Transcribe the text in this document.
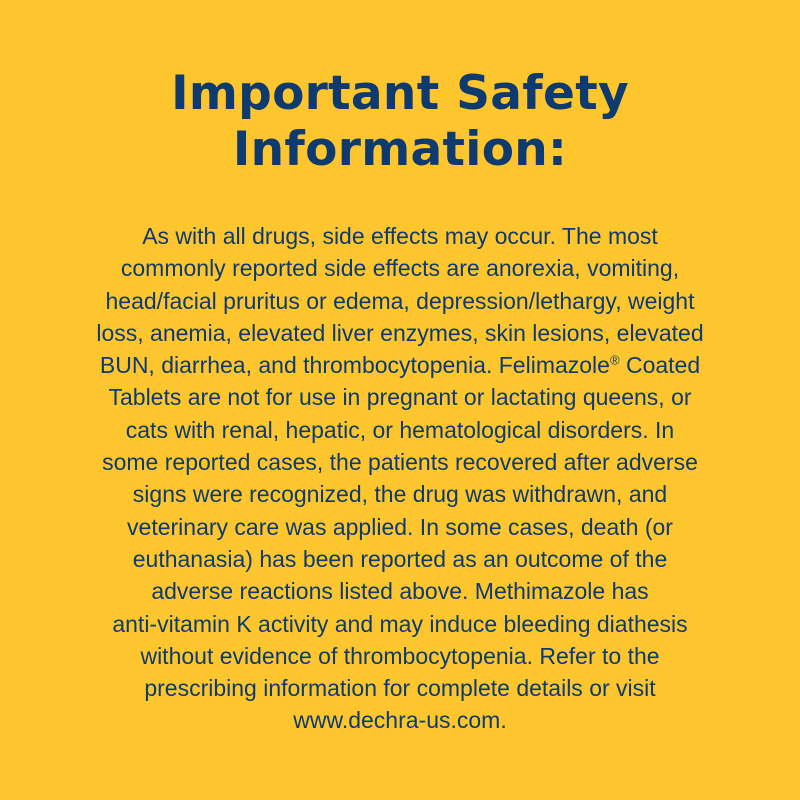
Important Safety
Information:

As with all drugs, side effects may occur. The most
commonly reported side effects are anorexia, vomiting,
head/facial pruritus or edema, depression/lethargy, weight
loss, anemia, elevated liver enzymes, skin lesions, elevated
BUN, diarrhea, and thrombocytopenia. Felimazole® Coated
Tablets are not for use in pregnant or lactating queens, or
cats with renal, hepatic, or hematological disorders. In
some reported cases, the patients recovered after adverse
signs were recognized, the drug was withdrawn, and
veterinary care was applied. In some cases, death (or
euthanasia) has been reported as an outcome of the
adverse reactions listed above. Methimazole has
anti-vitamin K activity and may induce bleeding diathesis
without evidence of thrombocytopenia. Refer to the
prescribing information for complete details or visit
www.dechra-us.com.
